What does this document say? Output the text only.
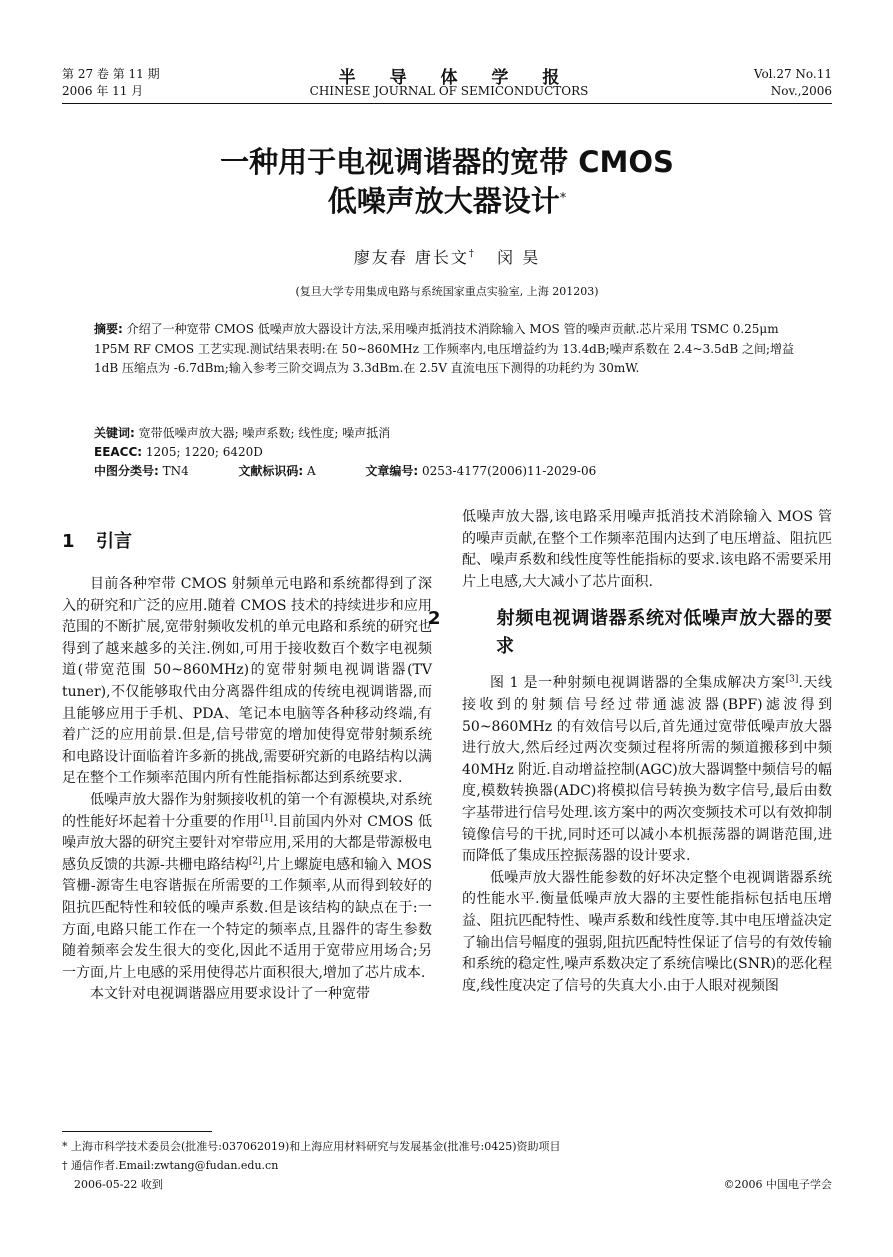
第 27 卷 第 11 期
2006 年 11 月
半 导 体 学 报
CHINESE JOURNAL OF SEMICONDUCTORS
Vol.27 No.11
Nov.,2006
一种用于电视调谐器的宽带 CMOS
低噪声放大器设计*
廖友春 唐长文† 闵 昊
(复旦大学专用集成电路与系统国家重点实验室, 上海 201203)
摘要: 介绍了一种宽带 CMOS 低噪声放大器设计方法,采用噪声抵消技术消除输入 MOS 管的噪声贡献.芯片采用 TSMC 0.25μm 1P5M RF CMOS 工艺实现.测试结果表明:在 50~860MHz 工作频率内,电压增益约为 13.4dB;噪声系数在 2.4~3.5dB 之间;增益 1dB 压缩点为 -6.7dBm;输入参考三阶交调点为 3.3dBm.在 2.5V 直流电压下测得的功耗约为 30mW.
关键词: 宽带低噪声放大器; 噪声系数; 线性度; 噪声抵消
EEACC: 1205; 1220; 6420D
中图分类号: TN4	文献标识码: A	文章编号: 0253-4177(2006)11-2029-06
1 引言

目前各种窄带 CMOS 射频单元电路和系统都得到了深入的研究和广泛的应用.随着 CMOS 技术的持续进步和应用范围的不断扩展,宽带射频收发机的单元电路和系统的研究也得到了越来越多的关注.例如,可用于接收数百个数字电视频道(带宽范围 50~860MHz)的宽带射频电视调谐器(TV tuner),不仅能够取代由分离器件组成的传统电视调谐器,而且能够应用于手机、PDA、笔记本电脑等各种移动终端,有着广泛的应用前景.但是,信号带宽的增加使得宽带射频系统和电路设计面临着许多新的挑战,需要研究新的电路结构以满足在整个工作频率范围内所有性能指标都达到系统要求.

低噪声放大器作为射频接收机的第一个有源模块,对系统的性能好坏起着十分重要的作用[1].目前国内外对 CMOS 低噪声放大器的研究主要针对窄带应用,采用的大都是带源极电感负反馈的共源-共栅电路结构[2],片上螺旋电感和输入 MOS 管栅-源寄生电容谐振在所需要的工作频率,从而得到较好的阻抗匹配特性和较低的噪声系数.但是该结构的缺点在于:一方面,电路只能工作在一个特定的频率点,且器件的寄生参数随着频率会发生很大的变化,因此不适用于宽带应用场合;另一方面,片上电感的采用使得芯片面积很大,增加了芯片成本.

本文针对电视调谐器应用要求设计了一种宽带

低噪声放大器,该电路采用噪声抵消技术消除输入 MOS 管的噪声贡献,在整个工作频率范围内达到了电压增益、阻抗匹配、噪声系数和线性度等性能指标的要求.该电路不需要采用片上电感,大大减小了芯片面积.

2	射频电视调谐器系统对低噪声放大器的要求

图 1 是一种射频电视调谐器的全集成解决方案[3].天线接收到的射频信号经过带通滤波器(BPF)滤波得到 50~860MHz 的有效信号以后,首先通过宽带低噪声放大器进行放大,然后经过两次变频过程将所需的频道搬移到中频 40MHz 附近.自动增益控制(AGC)放大器调整中频信号的幅度,模数转换器(ADC)将模拟信号转换为数字信号,最后由数字基带进行信号处理.该方案中的两次变频技术可以有效抑制镜像信号的干扰,同时还可以减小本机振荡器的调谐范围,进而降低了集成压控振荡器的设计要求.

低噪声放大器性能参数的好坏决定整个电视调谐器系统的性能水平.衡量低噪声放大器的主要性能指标包括电压增益、阻抗匹配特性、噪声系数和线性度等.其中电压增益决定了输出信号幅度的强弱,阻抗匹配特性保证了信号的有效传输和系统的稳定性,噪声系数决定了系统信噪比(SNR)的恶化程度,线性度决定了信号的失真大小.由于人眼对视频图

* 上海市科学技术委员会(批准号:037062019)和上海应用材料研究与发展基金(批准号:0425)资助项目
† 通信作者.Email:zwtang@fudan.edu.cn
2006-05-22 收到	©2006 中国电子学会
